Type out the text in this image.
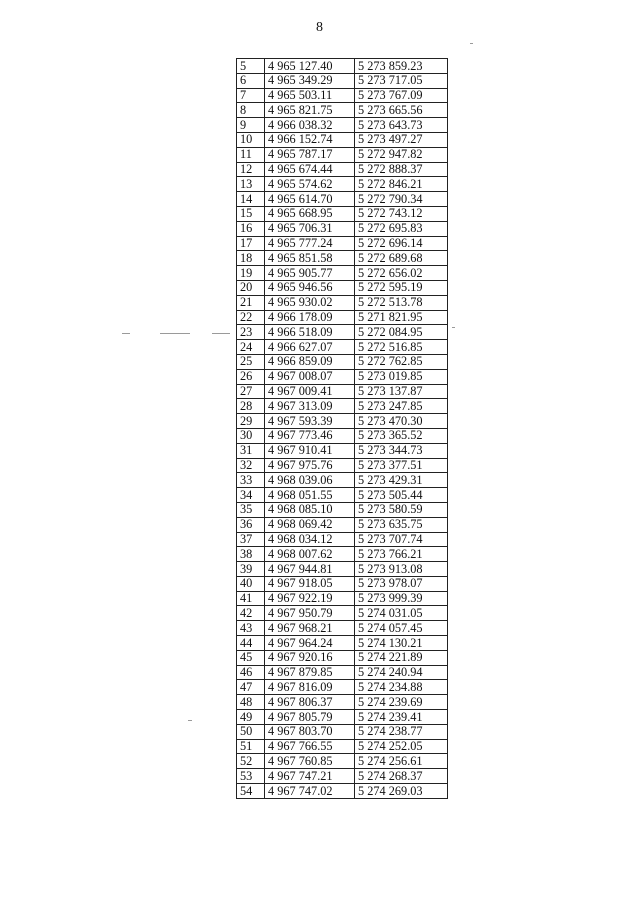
8
5	4 965 127.40	5 273 859.23
6	4 965 349.29	5 273 717.05
7	4 965 503.11	5 273 767.09
8	4 965 821.75	5 273 665.56
9	4 966 038.32	5 273 643.73
10	4 966 152.74	5 273 497.27
11	4 965 787.17	5 272 947.82
12	4 965 674.44	5 272 888.37
13	4 965 574.62	5 272 846.21
14	4 965 614.70	5 272 790.34
15	4 965 668.95	5 272 743.12
16	4 965 706.31	5 272 695.83
17	4 965 777.24	5 272 696.14
18	4 965 851.58	5 272 689.68
19	4 965 905.77	5 272 656.02
20	4 965 946.56	5 272 595.19
21	4 965 930.02	5 272 513.78
22	4 966 178.09	5 271 821.95
23	4 966 518.09	5 272 084.95
24	4 966 627.07	5 272 516.85
25	4 966 859.09	5 272 762.85
26	4 967 008.07	5 273 019.85
27	4 967 009.41	5 273 137.87
28	4 967 313.09	5 273 247.85
29	4 967 593.39	5 273 470.30
30	4 967 773.46	5 273 365.52
31	4 967 910.41	5 273 344.73
32	4 967 975.76	5 273 377.51
33	4 968 039.06	5 273 429.31
34	4 968 051.55	5 273 505.44
35	4 968 085.10	5 273 580.59
36	4 968 069.42	5 273 635.75
37	4 968 034.12	5 273 707.74
38	4 968 007.62	5 273 766.21
39	4 967 944.81	5 273 913.08
40	4 967 918.05	5 273 978.07
41	4 967 922.19	5 273 999.39
42	4 967 950.79	5 274 031.05
43	4 967 968.21	5 274 057.45
44	4 967 964.24	5 274 130.21
45	4 967 920.16	5 274 221.89
46	4 967 879.85	5 274 240.94
47	4 967 816.09	5 274 234.88
48	4 967 806.37	5 274 239.69
49	4 967 805.79	5 274 239.41
50	4 967 803.70	5 274 238.77
51	4 967 766.55	5 274 252.05
52	4 967 760.85	5 274 256.61
53	4 967 747.21	5 274 268.37
54	4 967 747.02	5 274 269.03
